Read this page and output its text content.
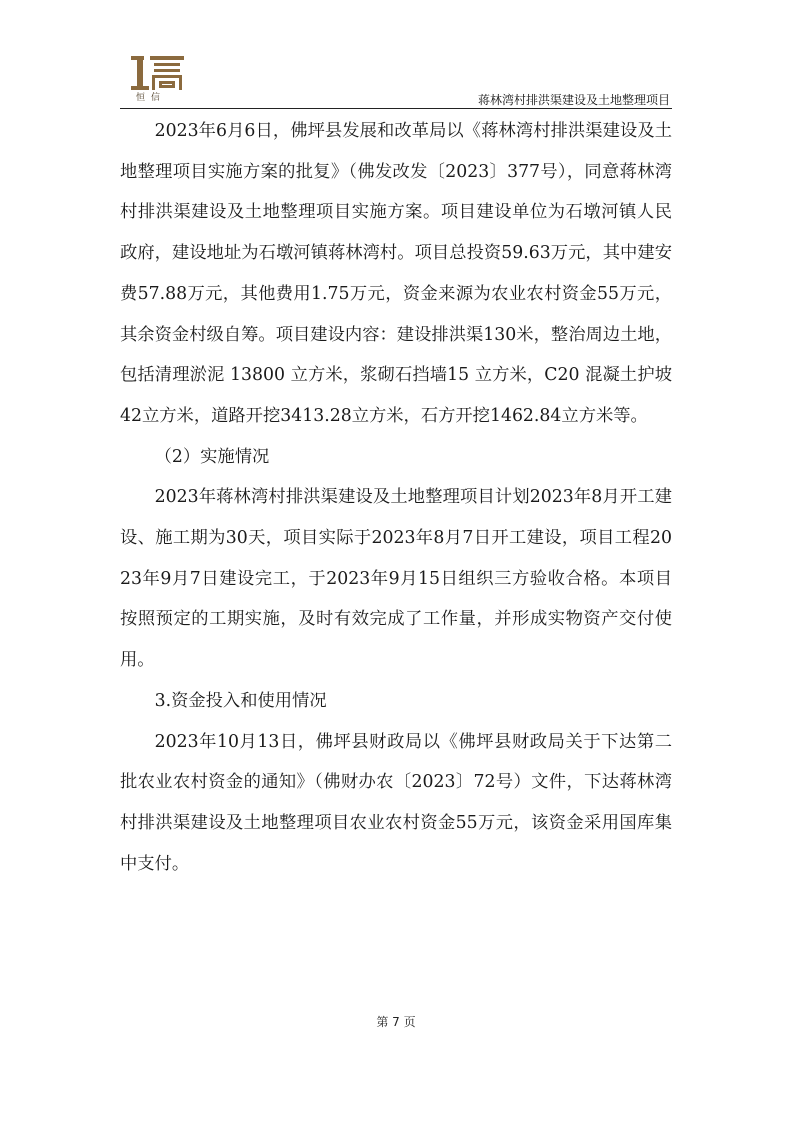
恒信	蒋林湾村排洪渠建设及土地整理项目

2023年6月6日，佛坪县发展和改革局以《蒋林湾村排洪渠建设及土地整理项目实施方案的批复》（佛发改发〔2023〕377号），同意蒋林湾村排洪渠建设及土地整理项目实施方案。项目建设单位为石墩河镇人民政府，建设地址为石墩河镇蒋林湾村。项目总投资59.63万元，其中建安费57.88万元，其他费用1.75万元，资金来源为农业农村资金55万元，其余资金村级自筹。项目建设内容：建设排洪渠130米，整治周边土地，包括清理淤泥 13800 立方米，浆砌石挡墙15 立方米，C20 混凝土护坡42立方米，道路开挖3413.28立方米，石方开挖1462.84立方米等。

（2）实施情况

2023年蒋林湾村排洪渠建设及土地整理项目计划2023年8月开工建设、施工期为30天，项目实际于2023年8月7日开工建设，项目工程2023年9月7日建设完工，于2023年9月15日组织三方验收合格。本项目按照预定的工期实施，及时有效完成了工作量，并形成实物资产交付使用。

3.资金投入和使用情况

2023年10月13日，佛坪县财政局以《佛坪县财政局关于下达第二批农业农村资金的通知》（佛财办农〔2023〕72号）文件，下达蒋林湾村排洪渠建设及土地整理项目农业农村资金55万元，该资金采用国库集中支付。

第 7 页
